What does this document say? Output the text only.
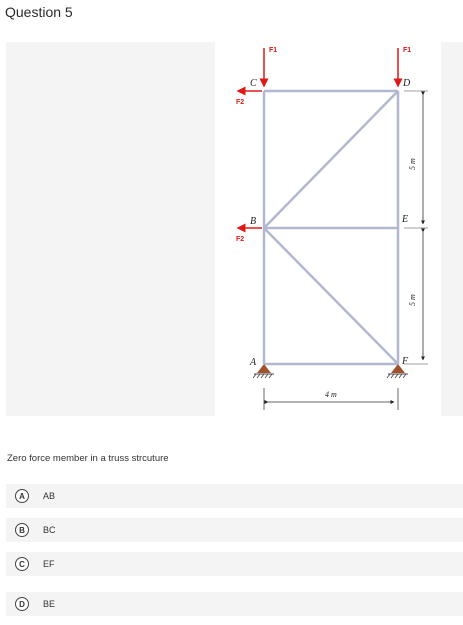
Question 5
F1	F1
F2
F2
C	D
B	E
A	F
4 m
5 m
5 m
Zero force member in a truss strcuture
A	AB
B	BC
C	EF
D	BE
